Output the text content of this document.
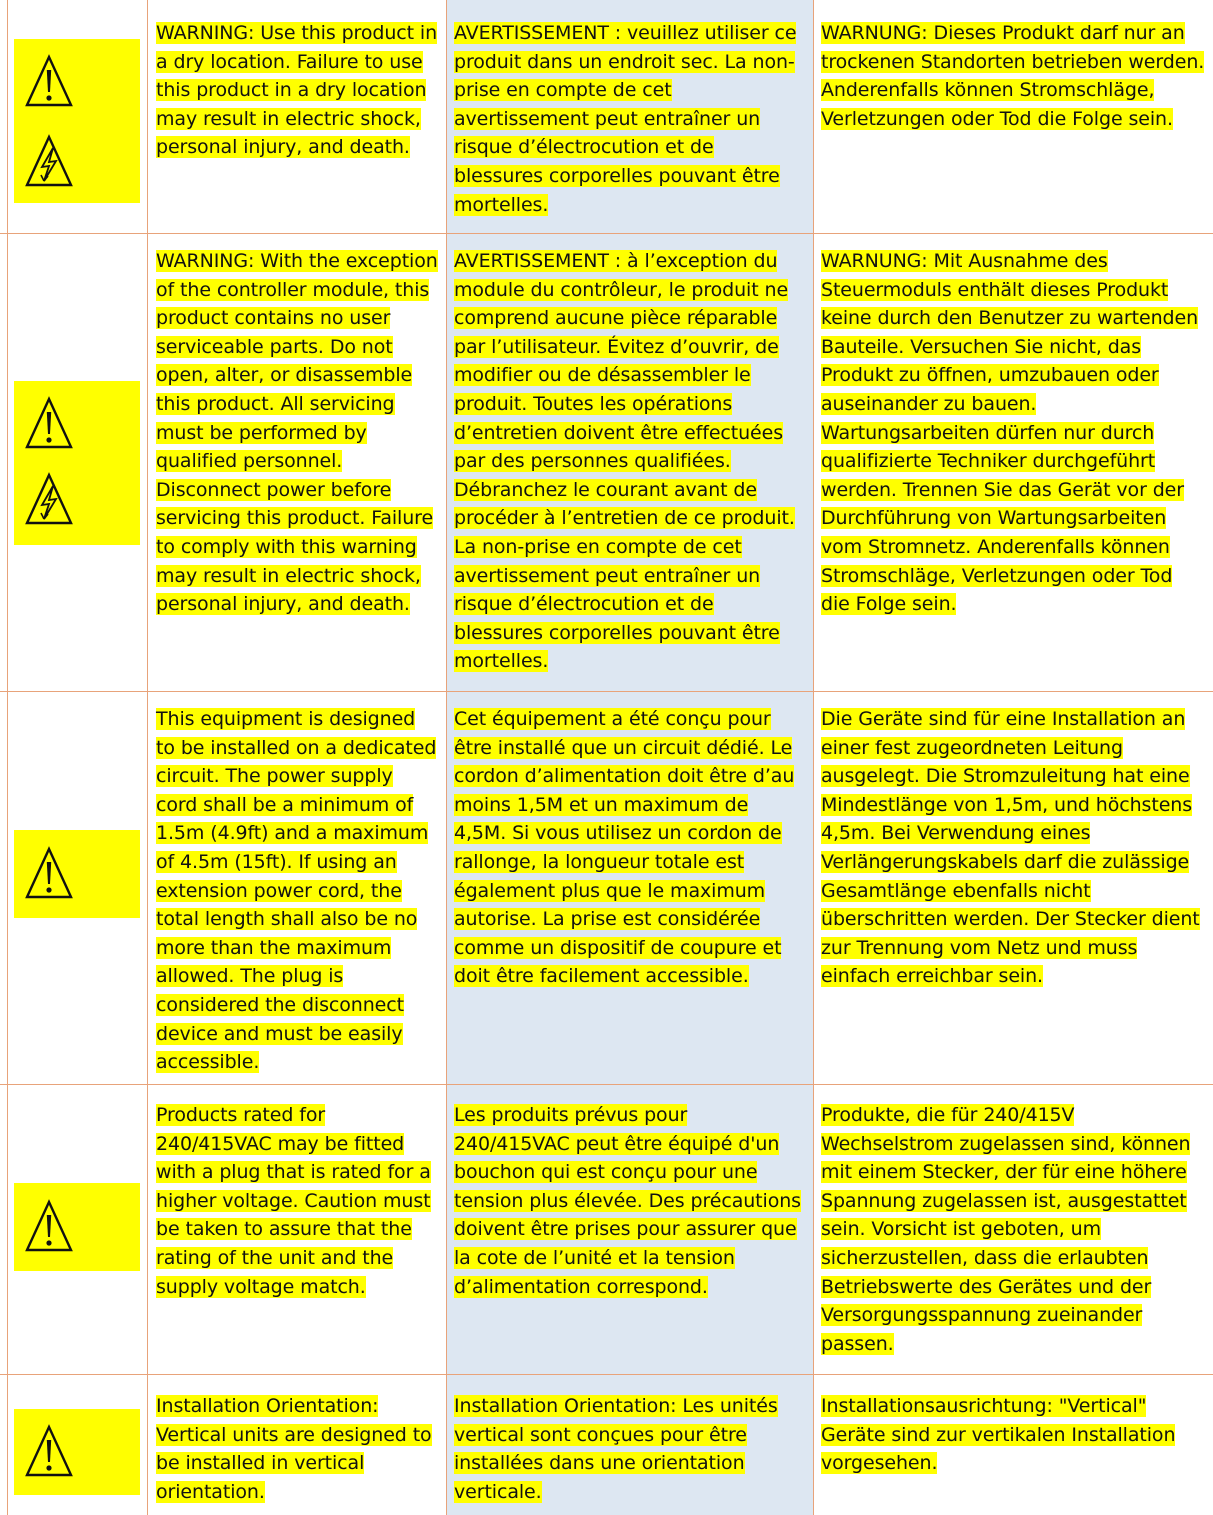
WARNING: Use this product in a dry location. Failure to use this product in a dry location may result in electric shock, personal injury, and death.
AVERTISSEMENT : veuillez utiliser ce produit dans un endroit sec. La non-prise en compte de cet avertissement peut entraîner un risque d’électrocution et de blessures corporelles pouvant être mortelles.
WARNUNG: Dieses Produkt darf nur an trockenen Standorten betrieben werden. Anderenfalls können Stromschläge, Verletzungen oder Tod die Folge sein.
WARNING: With the exception of the controller module, this product contains no user serviceable parts. Do not open, alter, or disassemble this product. All servicing must be performed by qualified personnel. Disconnect power before servicing this product. Failure to comply with this warning may result in electric shock, personal injury, and death.
AVERTISSEMENT : à l’exception du module du contrôleur, le produit ne comprend aucune pièce réparable par l’utilisateur. Évitez d’ouvrir, de modifier ou de désassembler le produit. Toutes les opérations d’entretien doivent être effectuées par des personnes qualifiées. Débranchez le courant avant de procéder à l’entretien de ce produit. La non-prise en compte de cet avertissement peut entraîner un risque d’électrocution et de blessures corporelles pouvant être mortelles.
WARNUNG: Mit Ausnahme des Steuermoduls enthält dieses Produkt keine durch den Benutzer zu wartenden Bauteile. Versuchen Sie nicht, das Produkt zu öffnen, umzubauen oder auseinander zu bauen. Wartungsarbeiten dürfen nur durch qualifizierte Techniker durchgeführt werden. Trennen Sie das Gerät vor der Durchführung von Wartungsarbeiten vom Stromnetz. Anderenfalls können Stromschläge, Verletzungen oder Tod die Folge sein.
This equipment is designed to be installed on a dedicated circuit. The power supply cord shall be a minimum of 1.5m (4.9ft) and a maximum of 4.5m (15ft). If using an extension power cord, the total length shall also be no more than the maximum allowed. The plug is considered the disconnect device and must be easily accessible.
Cet équipement a été conçu pour être installé que un circuit dédié. Le cordon d’alimentation doit être d’au moins 1,5M et un maximum de 4,5M. Si vous utilisez un cordon de rallonge, la longueur totale est également plus que le maximum autorise. La prise est considérée comme un dispositif de coupure et doit être facilement accessible.
Die Geräte sind für eine Installation an einer fest zugeordneten Leitung ausgelegt. Die Stromzuleitung hat eine Mindestlänge von 1,5m, und höchstens 4,5m. Bei Verwendung eines Verlängerungskabels darf die zulässige Gesamtlänge ebenfalls nicht überschritten werden. Der Stecker dient zur Trennung vom Netz und muss einfach erreichbar sein.
Products rated for 240/415VAC may be fitted with a plug that is rated for a higher voltage. Caution must be taken to assure that the rating of the unit and the supply voltage match.
Les produits prévus pour 240/415VAC peut être équipé d'un bouchon qui est conçu pour une tension plus élevée. Des précautions doivent être prises pour assurer que la cote de l’unité et la tension d’alimentation correspond.
Produkte, die für 240/415V Wechselstrom zugelassen sind, können mit einem Stecker, der für eine höhere Spannung zugelassen ist, ausgestattet sein. Vorsicht ist geboten, um sicherzustellen, dass die erlaubten Betriebswerte des Gerätes und der Versorgungsspannung zueinander passen.
Installation Orientation: Vertical units are designed to be installed in vertical orientation.
Installation Orientation: Les unités vertical sont conçues pour être installées dans une orientation verticale.
Installationsausrichtung: "Vertical" Geräte sind zur vertikalen Installation vorgesehen.
